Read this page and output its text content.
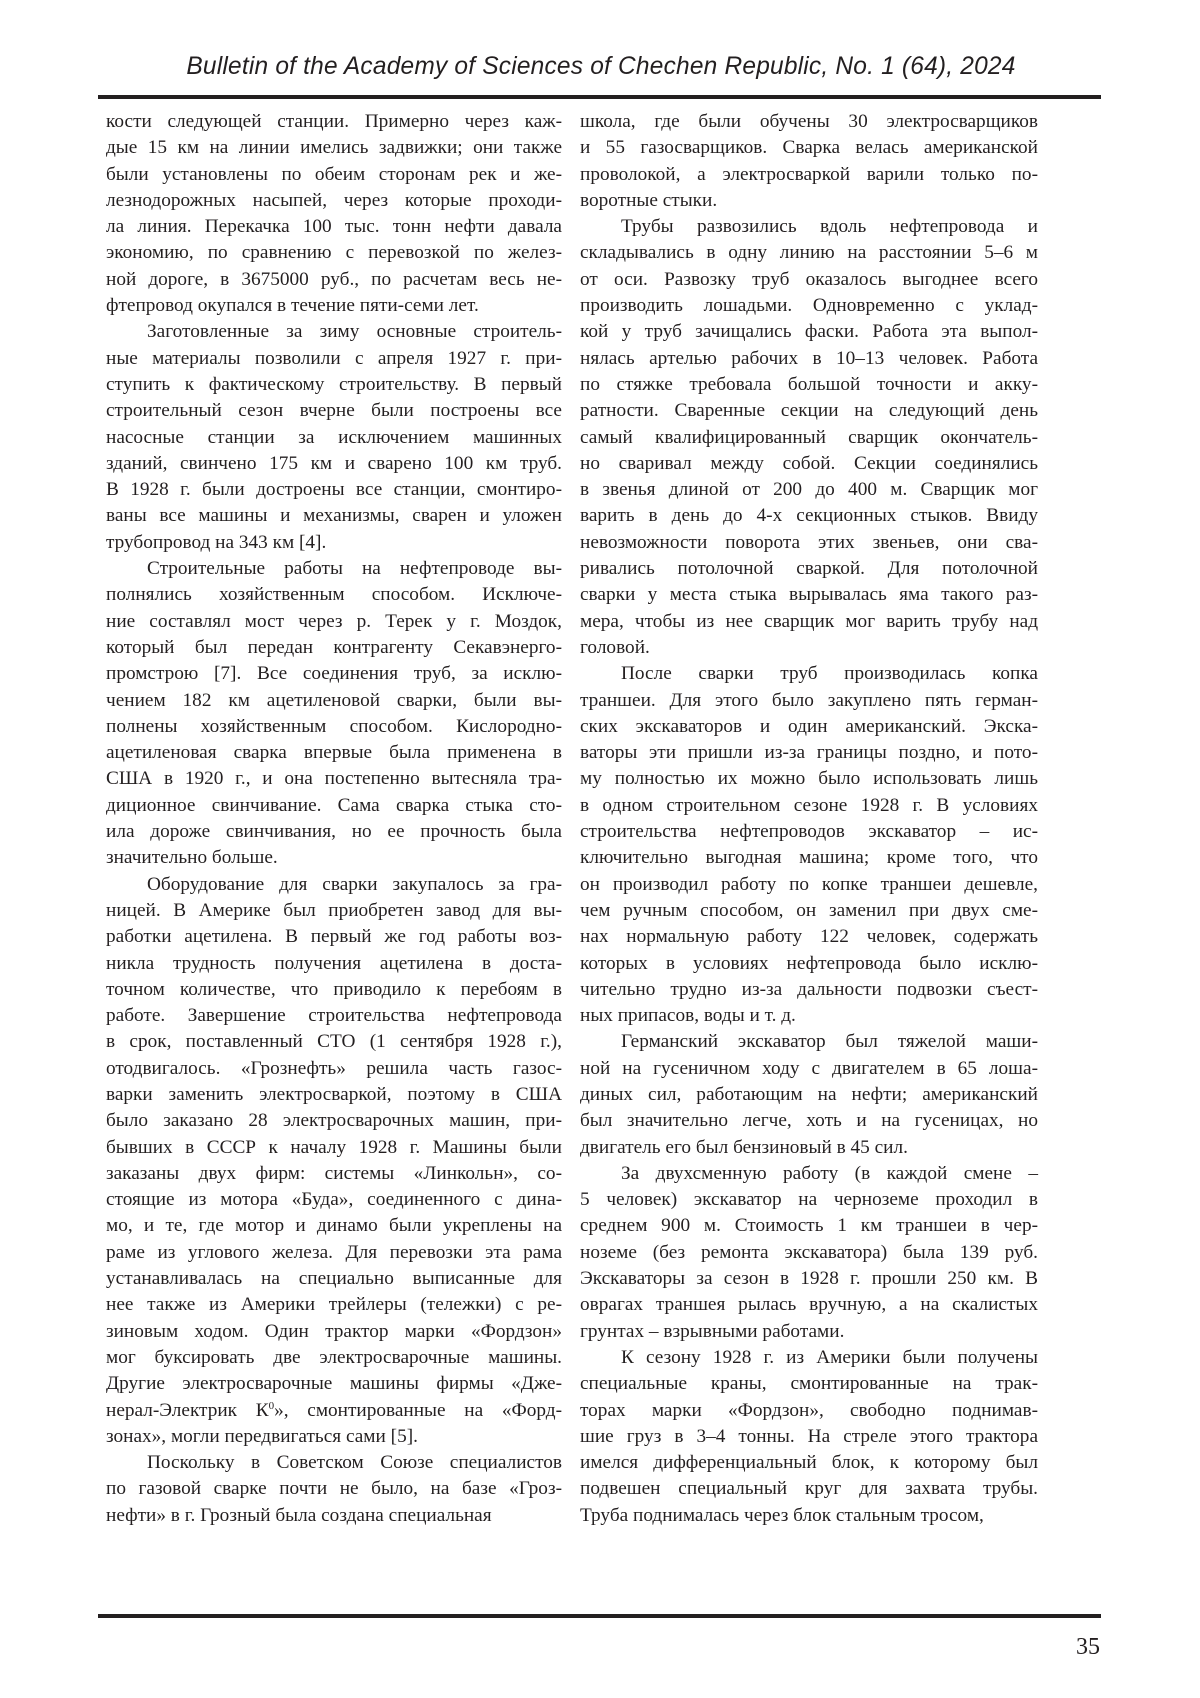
Bulletin of the Academy of Sciences of Chechen Republic, No. 1 (64), 2024

кости следующей станции. Примерно через каж-
дые 15 км на линии имелись задвижки; они также
были установлены по обеим сторонам рек и же-
лезнодорожных насыпей, через которые проходи-
ла линия. Перекачка 100 тыс. тонн нефти давала
экономию, по сравнению с перевозкой по желез-
ной дороге, в 3675000 руб., по расчетам весь не-
фтепровод окупался в течение пяти-семи лет.

Заготовленные за зиму основные строитель-
ные материалы позволили с апреля 1927 г. при-
ступить к фактическому строительству. В первый
строительный сезон вчерне были построены все
насосные станции за исключением машинных
зданий, свинчено 175 км и сварено 100 км труб.
В 1928 г. были достроены все станции, смонтиро-
ваны все машины и механизмы, сварен и уложен
трубопровод на 343 км [4].

Строительные работы на нефтепроводе вы-
полнялись хозяйственным способом. Исключе-
ние составлял мост через р. Терек у г. Моздок,
который был передан контрагенту Секавэнерго-
промстрою [7]. Все соединения труб, за исклю-
чением 182 км ацетиленовой сварки, были вы-
полнены хозяйственным способом. Кислородно-
ацетиленовая сварка впервые была применена в
США в 1920 г., и она постепенно вытесняла тра-
диционное свинчивание. Сама сварка стыка сто-
ила дороже свинчивания, но ее прочность была
значительно больше.

Оборудование для сварки закупалось за гра-
ницей. В Америке был приобретен завод для вы-
работки ацетилена. В первый же год работы воз-
никла трудность получения ацетилена в доста-
точном количестве, что приводило к перебоям в
работе. Завершение строительства нефтепровода
в срок, поставленный СТО (1 сентября 1928 г.),
отодвигалось. «Грознефть» решила часть газос-
варки заменить электросваркой, поэтому в США
было заказано 28 электросварочных машин, при-
бывших в СССР к началу 1928 г. Машины были
заказаны двух фирм: системы «Линкольн», со-
стоящие из мотора «Буда», соединенного с дина-
мо, и те, где мотор и динамо были укреплены на
раме из углового железа. Для перевозки эта рама
устанавливалась на специально выписанные для
нее также из Америки трейлеры (тележки) с ре-
зиновым ходом. Один трактор марки «Фордзон»
мог буксировать две электросварочные машины.
Другие электросварочные машины фирмы «Дже-
нерал-Электрик $К^0$», смонтированные на «Форд-
зонах», могли передвигаться сами [5].

Поскольку в Советском Союзе специалистов
по газовой сварке почти не было, на базе «Гроз-
нефти» в г. Грозный была создана специальная

школа, где были обучены 30 электросварщиков
и 55 газосварщиков. Сварка велась американской
проволокой, а электросваркой варили только по-
воротные стыки.

Трубы развозились вдоль нефтепровода и
складывались в одну линию на расстоянии 5–6 м
от оси. Развозку труб оказалось выгоднее всего
производить лошадьми. Одновременно с уклад-
кой у труб зачищались фаски. Работа эта выпол-
нялась артелью рабочих в 10–13 человек. Работа
по стяжке требовала большой точности и акку-
ратности. Сваренные секции на следующий день
самый квалифицированный сварщик окончатель-
но сваривал между собой. Секции соединялись
в звенья длиной от 200 до 400 м. Сварщик мог
варить в день до 4-х секционных стыков. Ввиду
невозможности поворота этих звеньев, они сва-
ривались потолочной сваркой. Для потолочной
сварки у места стыка вырывалась яма такого раз-
мера, чтобы из нее сварщик мог варить трубу над
головой.

После сварки труб производилась копка
траншеи. Для этого было закуплено пять герман-
ских экскаваторов и один американский. Экска-
ваторы эти пришли из-за границы поздно, и пото-
му полностью их можно было использовать лишь
в одном строительном сезоне 1928 г. В условиях
строительства нефтепроводов экскаватор – ис-
ключительно выгодная машина; кроме того, что
он производил работу по копке траншеи дешевле,
чем ручным способом, он заменил при двух сме-
нах нормальную работу 122 человек, содержать
которых в условиях нефтепровода было исклю-
чительно трудно из-за дальности подвозки съест-
ных припасов, воды и т. д.

Германский экскаватор был тяжелой маши-
ной на гусеничном ходу с двигателем в 65 лоша-
диных сил, работающим на нефти; американский
был значительно легче, хоть и на гусеницах, но
двигатель его был бензиновый в 45 сил.

За двухсменную работу (в каждой смене –
5 человек) экскаватор на черноземе проходил в
среднем 900 м. Стоимость 1 км траншеи в чер-
ноземе (без ремонта экскаватора) была 139 руб.
Экскаваторы за сезон в 1928 г. прошли 250 км. В
оврагах траншея рылась вручную, а на скалистых
грунтах – взрывными работами.

К сезону 1928 г. из Америки были получены
специальные краны, смонтированные на трак-
торах марки «Фордзон», свободно поднимав-
шие груз в 3–4 тонны. На стреле этого трактора
имелся дифференциальный блок, к которому был
подвешен специальный круг для захвата трубы.
Труба поднималась через блок стальным тросом,

35
